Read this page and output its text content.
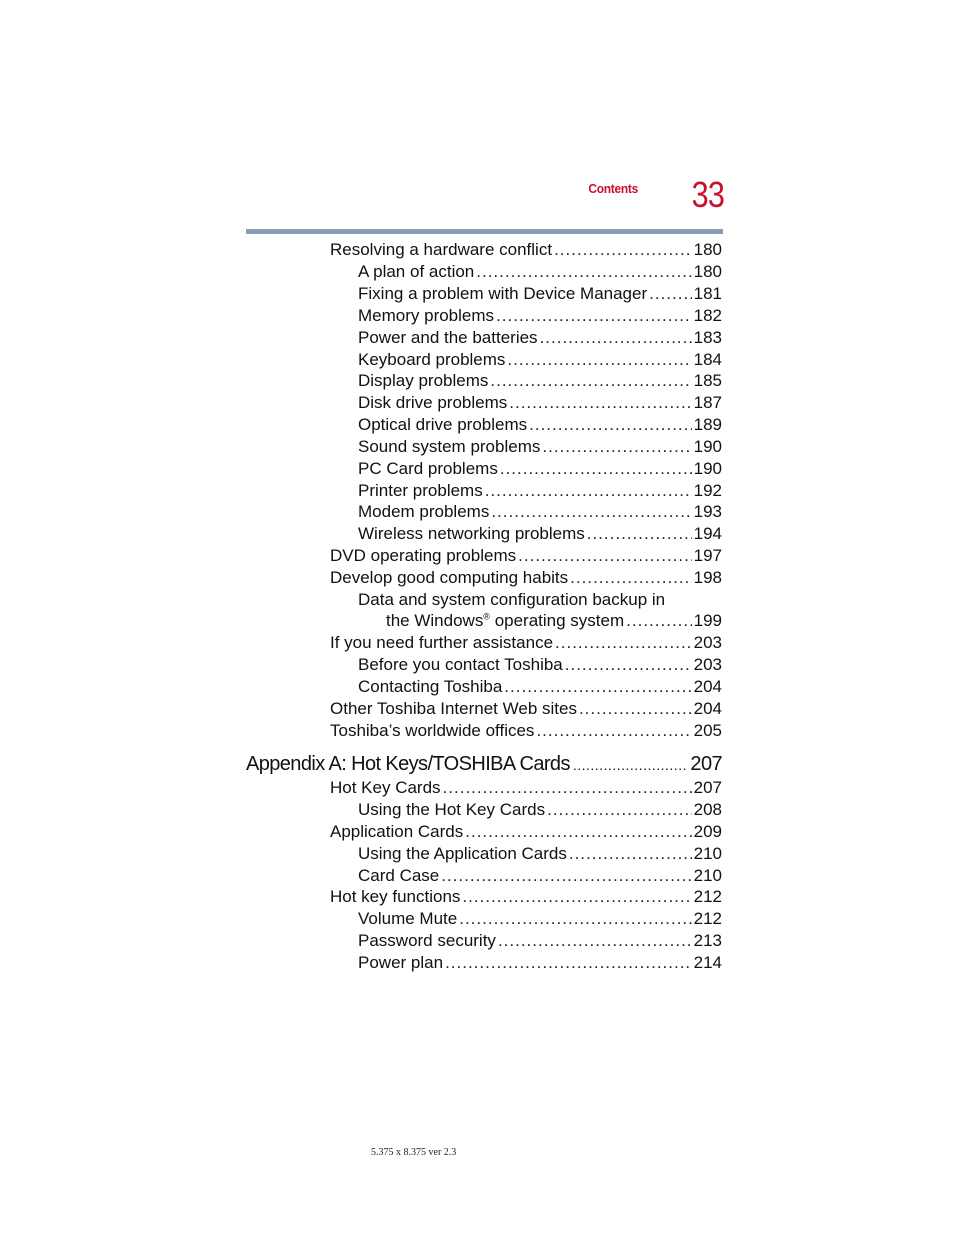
Contents	33
Resolving a hardware conflict .....	180
A plan of action .....	180
Fixing a problem with Device Manager .....	181
Memory problems .....	182
Power and the batteries .....	183
Keyboard problems .....	184
Display problems .....	185
Disk drive problems .....	187
Optical drive problems .....	189
Sound system problems .....	190
PC Card problems .....	190
Printer problems .....	192
Modem problems .....	193
Wireless networking problems .....	194
DVD operating problems .....	197
Develop good computing habits .....	198
Data and system configuration backup in
the Windows® operating system .....	199
If you need further assistance .....	203
Before you contact Toshiba .....	203
Contacting Toshiba .....	204
Other Toshiba Internet Web sites .....	204
Toshiba’s worldwide offices .....	205
Appendix A: Hot Keys/TOSHIBA Cards .....	207
Hot Key Cards .....	207
Using the Hot Key Cards .....	208
Application Cards .....	209
Using the Application Cards .....	210
Card Case .....	210
Hot key functions .....	212
Volume Mute .....	212
Password security .....	213
Power plan .....	214
5.375 x 8.375 ver 2.3
